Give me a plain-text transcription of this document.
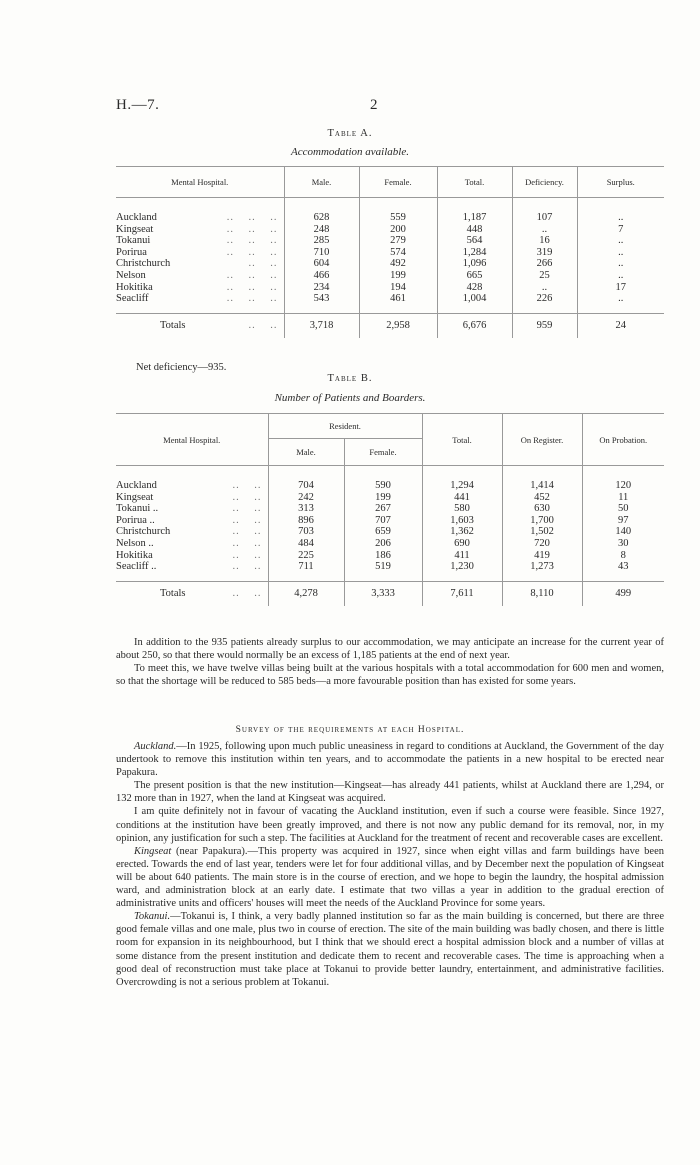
H.—7.	2
Table A.
Accommodation available.
Mental Hospital.	Male.	Female.	Total.	Deficiency.	Surplus.

Auckland ..    ..    ..	628	559	1,187	107	..
Kingseat ..    ..    ..	248	200	448	..	7
Tokanui ..    ..    ..	285	279	564	16	..
Porirua ..    ..    ..	710	574	1,284	319	..
Christchurch ..    ..	604	492	1,096	266	..
Nelson ..    ..    ..	466	199	665	25	..
Hokitika ..    ..    ..	234	194	428	..	17
Seacliff ..    ..    ..	543	461	1,004	226	..

Totals ..    ..	3,718	2,958	6,676	959	24
Net deficiency—935.
Table B.
Number of Patients and Boarders.
Mental Hospital.	Resident.		Total.	On Register.	On Probation.
	Male.	Female.			

Auckland ..    ..	704	590	1,294	1,414	120
Kingseat ..    ..	242	199	441	452	11
Tokanui .. ..    ..	313	267	580	630	50
Porirua .. ..    ..	896	707	1,603	1,700	97
Christchurch ..    ..	703	659	1,362	1,502	140
Nelson .. ..    ..	484	206	690	720	30
Hokitika ..    ..	225	186	411	419	8
Seacliff .. ..    ..	711	519	1,230	1,273	43

Totals ..    ..	4,278	3,333	7,611	8,110	499

In addition to the 935 patients already surplus to our accommodation, we may anticipate an increase for the current year of about 250, so that there would normally be an excess of 1,185 patients at the end of next year.

To meet this, we have twelve villas being built at the various hospitals with a total accommodation for 600 men and women, so that the shortage will be reduced to 585 beds—a more favourable position than has existed for some years.

Survey of the requirements at each Hospital.

Auckland.—In 1925, following upon much public uneasiness in regard to conditions at Auckland, the Government of the day undertook to remove this institution within ten years, and to accommodate the patients in a new hospital to be erected near Papakura.

The present position is that the new institution—Kingseat—has already 441 patients, whilst at Auckland there are 1,294, or 132 more than in 1927, when the land at Kingseat was acquired.

I am quite definitely not in favour of vacating the Auckland institution, even if such a course were feasible. Since 1927, conditions at the institution have been greatly improved, and there is not now any public demand for its removal, nor, in my opinion, any justification for such a step. The facilities at Auckland for the treatment of recent and recoverable cases are excellent.

Kingseat (near Papakura).—This property was acquired in 1927, since when eight villas and farm buildings have been erected. Towards the end of last year, tenders were let for four additional villas, and by December next the population of Kingseat will be about 640 patients. The main store is in the course of erection, and we hope to begin the laundry, the hospital admission ward, and administration block at an early date. I estimate that two villas a year in addition to the gradual erection of administrative units and officers' houses will meet the needs of the Auckland Province for some years.

Tokanui.—Tokanui is, I think, a very badly planned institution so far as the main building is concerned, but there are three good female villas and one male, plus two in course of erection. The site of the main building was badly chosen, and there is little room for expansion in its neighbourhood, but I think that we should erect a hospital admission block and a number of villas at some distance from the present institution and dedicate them to recent and recoverable cases. The time is approaching when a good deal of reconstruction must take place at Tokanui to provide better laundry, entertainment, and administrative facilities. Overcrowding is not a serious problem at Tokanui.
